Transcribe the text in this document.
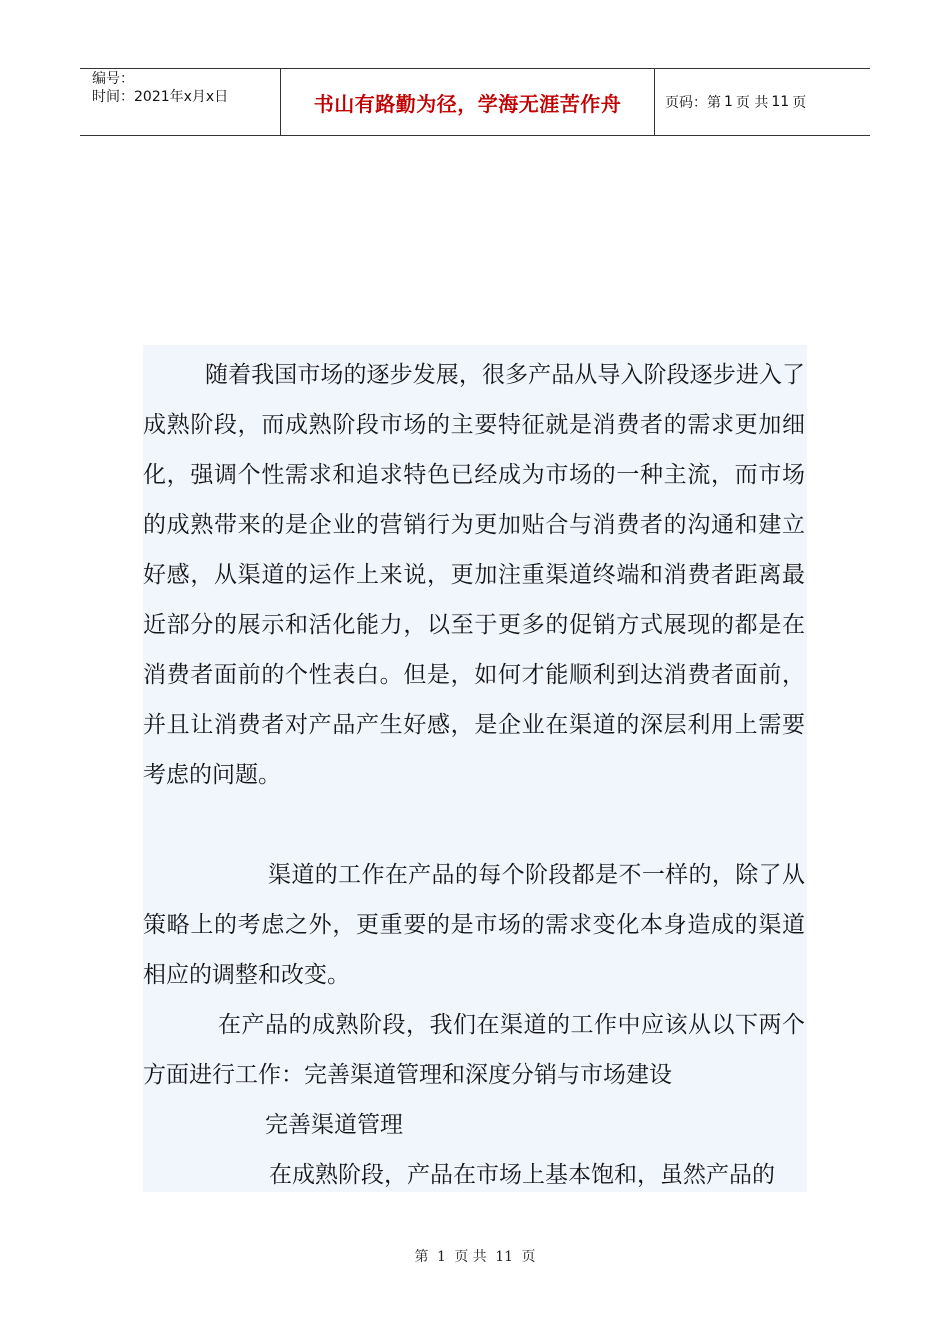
编号：
时间：2021年x月x日	书山有路勤为径，学海无涯苦作舟	页码：第 1 页 共 11 页

随着我国市场的逐步发展，很多产品从导入阶段逐步进入了成熟阶段，而成熟阶段市场的主要特征就是消费者的需求更加细化，强调个性需求和追求特色已经成为市场的一种主流，而市场的成熟带来的是企业的营销行为更加贴合与消费者的沟通和建立好感，从渠道的运作上来说，更加注重渠道终端和消费者距离最近部分的展示和活化能力，以至于更多的促销方式展现的都是在消费者面前的个性表白。但是，如何才能顺利到达消费者面前，并且让消费者对产品产生好感，是企业在渠道的深层利用上需要考虑的问题。

渠道的工作在产品的每个阶段都是不一样的，除了从策略上的考虑之外，更重要的是市场的需求变化本身造成的渠道相应的调整和改变。

在产品的成熟阶段，我们在渠道的工作中应该从以下两个方面进行工作：完善渠道管理和深度分销与市场建设

完善渠道管理

在成熟阶段，产品在市场上基本饱和，虽然产品的

第 1 页 共 11 页
